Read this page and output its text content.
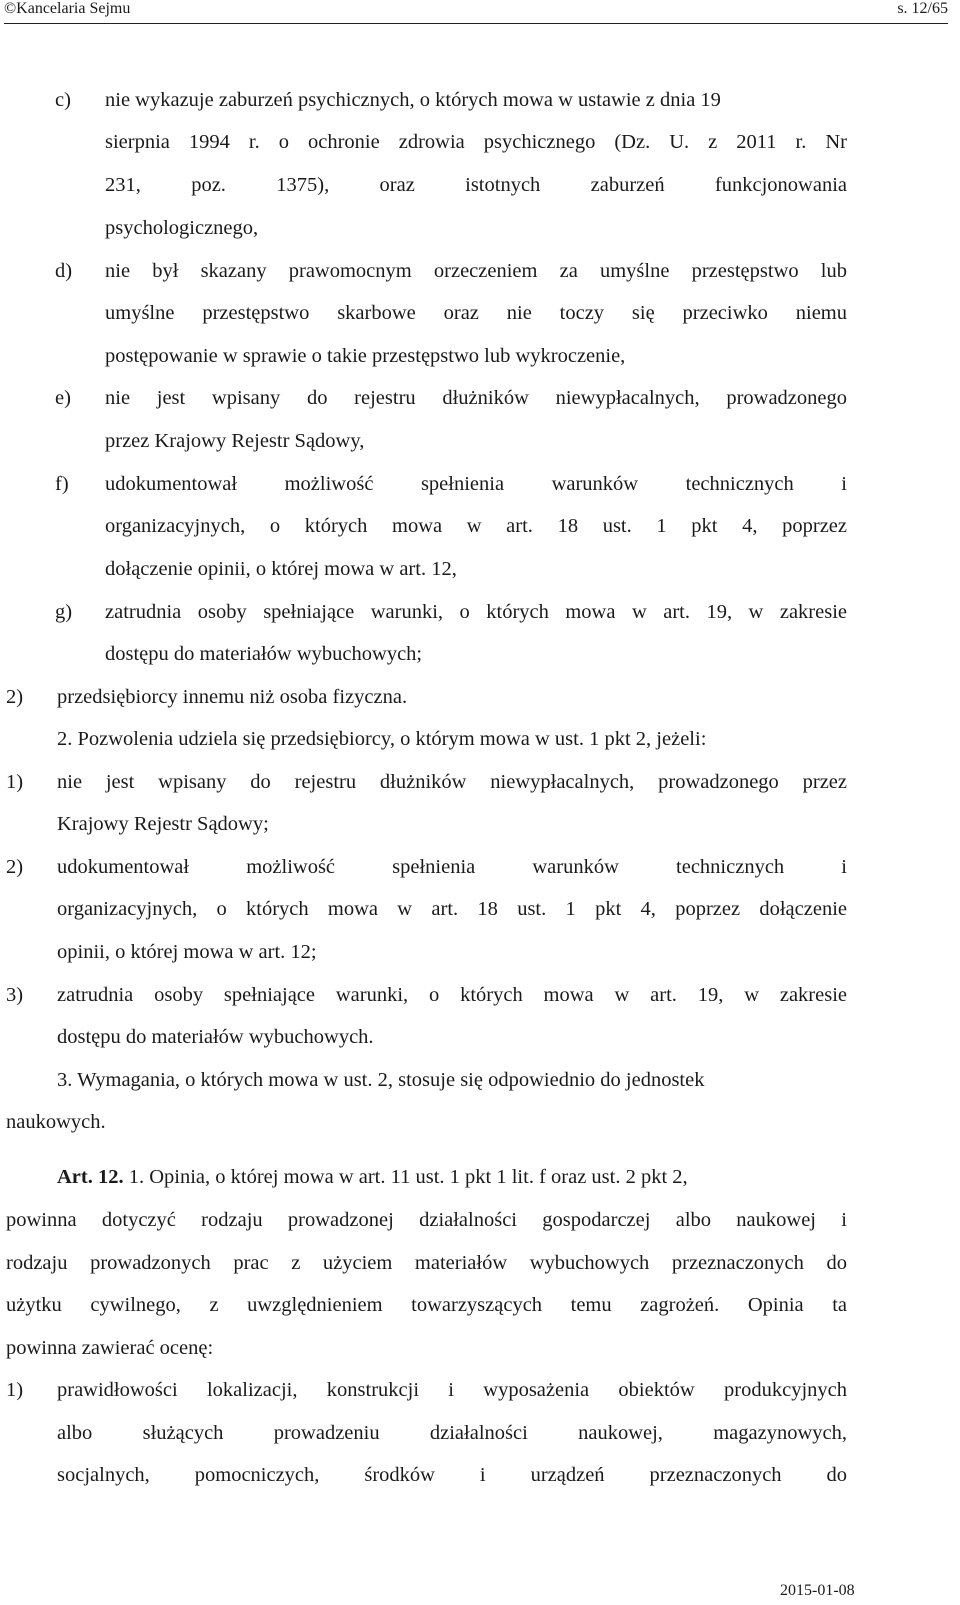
©Kancelaria Sejmu	s. 12/65
c) nie wykazuje zaburzeń psychicznych, o których mowa w ustawie z dnia 19
sierpnia 1994 r. o ochronie zdrowia psychicznego (Dz. U. z 2011 r. Nr
231, poz. 1375), oraz istotnych zaburzeń funkcjonowania
psychologicznego,
d) nie był skazany prawomocnym orzeczeniem za umyślne przestępstwo lub
umyślne przestępstwo skarbowe oraz nie toczy się przeciwko niemu
postępowanie w sprawie o takie przestępstwo lub wykroczenie,
e) nie jest wpisany do rejestru dłużników niewypłacalnych, prowadzonego
przez Krajowy Rejestr Sądowy,
f) udokumentował możliwość spełnienia warunków technicznych i
organizacyjnych, o których mowa w art. 18 ust. 1 pkt 4, poprzez
dołączenie opinii, o której mowa w art. 12,
g) zatrudnia osoby spełniające warunki, o których mowa w art. 19, w zakresie
dostępu do materiałów wybuchowych;
2) przedsiębiorcy innemu niż osoba fizyczna.
2. Pozwolenia udziela się przedsiębiorcy, o którym mowa w ust. 1 pkt 2, jeżeli:
1) nie jest wpisany do rejestru dłużników niewypłacalnych, prowadzonego przez
Krajowy Rejestr Sądowy;
2) udokumentował możliwość spełnienia warunków technicznych i
organizacyjnych, o których mowa w art. 18 ust. 1 pkt 4, poprzez dołączenie
opinii, o której mowa w art. 12;
3) zatrudnia osoby spełniające warunki, o których mowa w art. 19, w zakresie
dostępu do materiałów wybuchowych.
3. Wymagania, o których mowa w ust. 2, stosuje się odpowiednio do jednostek
naukowych.
Art. 12. 1. Opinia, o której mowa w art. 11 ust. 1 pkt 1 lit. f oraz ust. 2 pkt 2,
powinna dotyczyć rodzaju prowadzonej działalności gospodarczej albo naukowej i
rodzaju prowadzonych prac z użyciem materiałów wybuchowych przeznaczonych do
użytku cywilnego, z uwzględnieniem towarzyszących temu zagrożeń. Opinia ta
powinna zawierać ocenę:
1) prawidłowości lokalizacji, konstrukcji i wyposażenia obiektów produkcyjnych
albo służących prowadzeniu działalności naukowej, magazynowych,
socjalnych, pomocniczych, środków i urządzeń przeznaczonych do
2015-01-08
